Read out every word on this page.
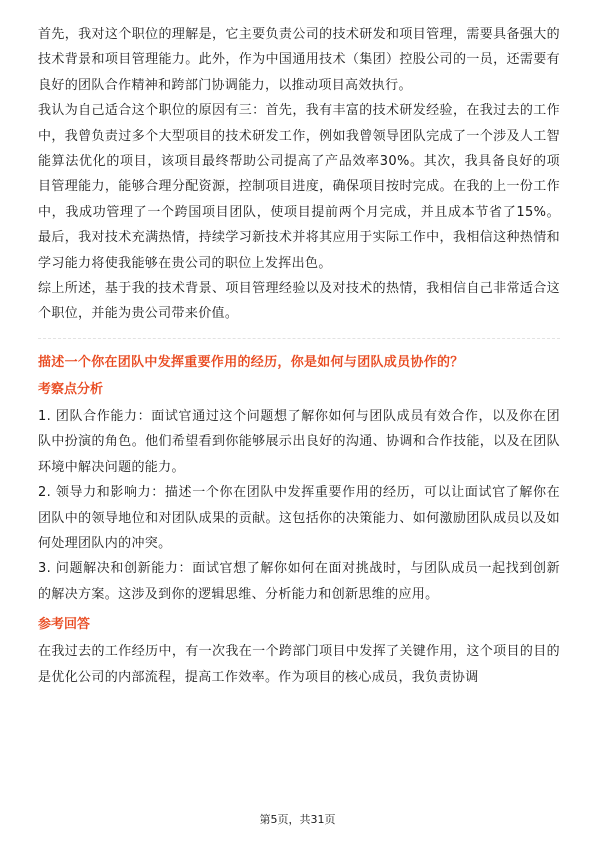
首先，我对这个职位的理解是，它主要负责公司的技术研发和项目管理，需要具备强大的技术背景和项目管理能力。此外，作为中国通用技术（集团）控股公司的一员，还需要有良好的团队合作精神和跨部门协调能力，以推动项目高效执行。

我认为自己适合这个职位的原因有三：首先，我有丰富的技术研发经验，在我过去的工作中，我曾负责过多个大型项目的技术研发工作，例如我曾领导团队完成了一个涉及人工智能算法优化的项目，该项目最终帮助公司提高了产品效率30%。其次，我具备良好的项目管理能力，能够合理分配资源，控制项目进度，确保项目按时完成。在我的上一份工作中，我成功管理了一个跨国项目团队，使项目提前两个月完成，并且成本节省了15%。最后，我对技术充满热情，持续学习新技术并将其应用于实际工作中，我相信这种热情和学习能力将使我能够在贵公司的职位上发挥出色。

综上所述，基于我的技术背景、项目管理经验以及对技术的热情，我相信自己非常适合这个职位，并能为贵公司带来价值。

描述一个你在团队中发挥重要作用的经历，你是如何与团队成员协作的？

考察点分析

1. 团队合作能力：面试官通过这个问题想了解你如何与团队成员有效合作，以及你在团队中扮演的角色。他们希望看到你能够展示出良好的沟通、协调和合作技能，以及在团队环境中解决问题的能力。

2. 领导力和影响力：描述一个你在团队中发挥重要作用的经历，可以让面试官了解你在团队中的领导地位和对团队成果的贡献。这包括你的决策能力、如何激励团队成员以及如何处理团队内的冲突。

3. 问题解决和创新能力：面试官想了解你如何在面对挑战时，与团队成员一起找到创新的解决方案。这涉及到你的逻辑思维、分析能力和创新思维的应用。

参考回答

在我过去的工作经历中，有一次我在一个跨部门项目中发挥了关键作用，这个项目的目的是优化公司的内部流程，提高工作效率。作为项目的核心成员，我负责协调

第5页，共31页
